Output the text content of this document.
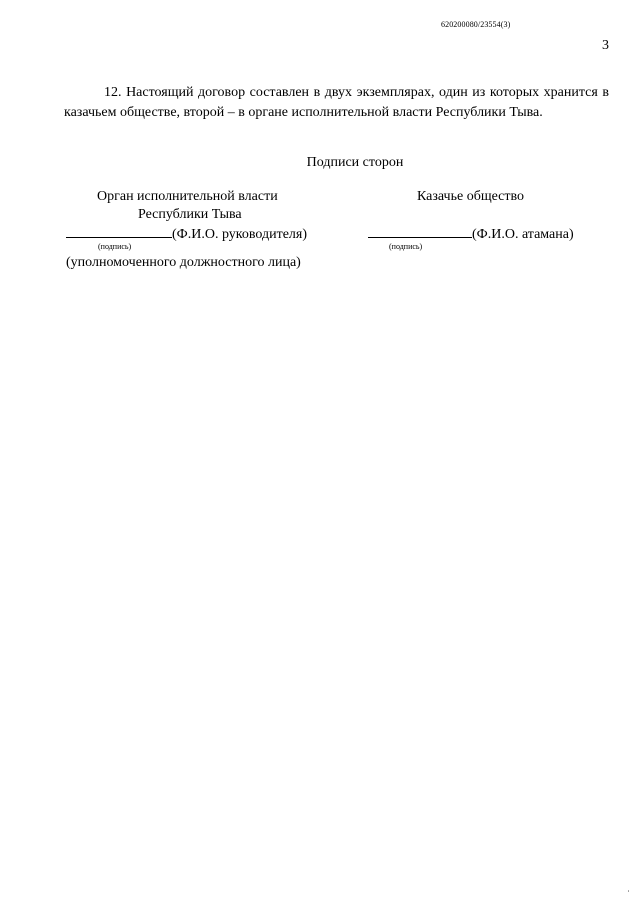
620200080/23554(3)
3

12. Настоящий договор составлен в двух экземплярах, один из которых хранится в казачьем обществе, второй – в органе исполнительной власти Республики Тыва.

Подписи сторон
Орган исполнительной власти
Республики Тыва
(Ф.И.О. руководителя)
(подпись)
(уполномоченного должностного лица)
Казачье общество
(Ф.И.О. атамана)
(подпись)
-
